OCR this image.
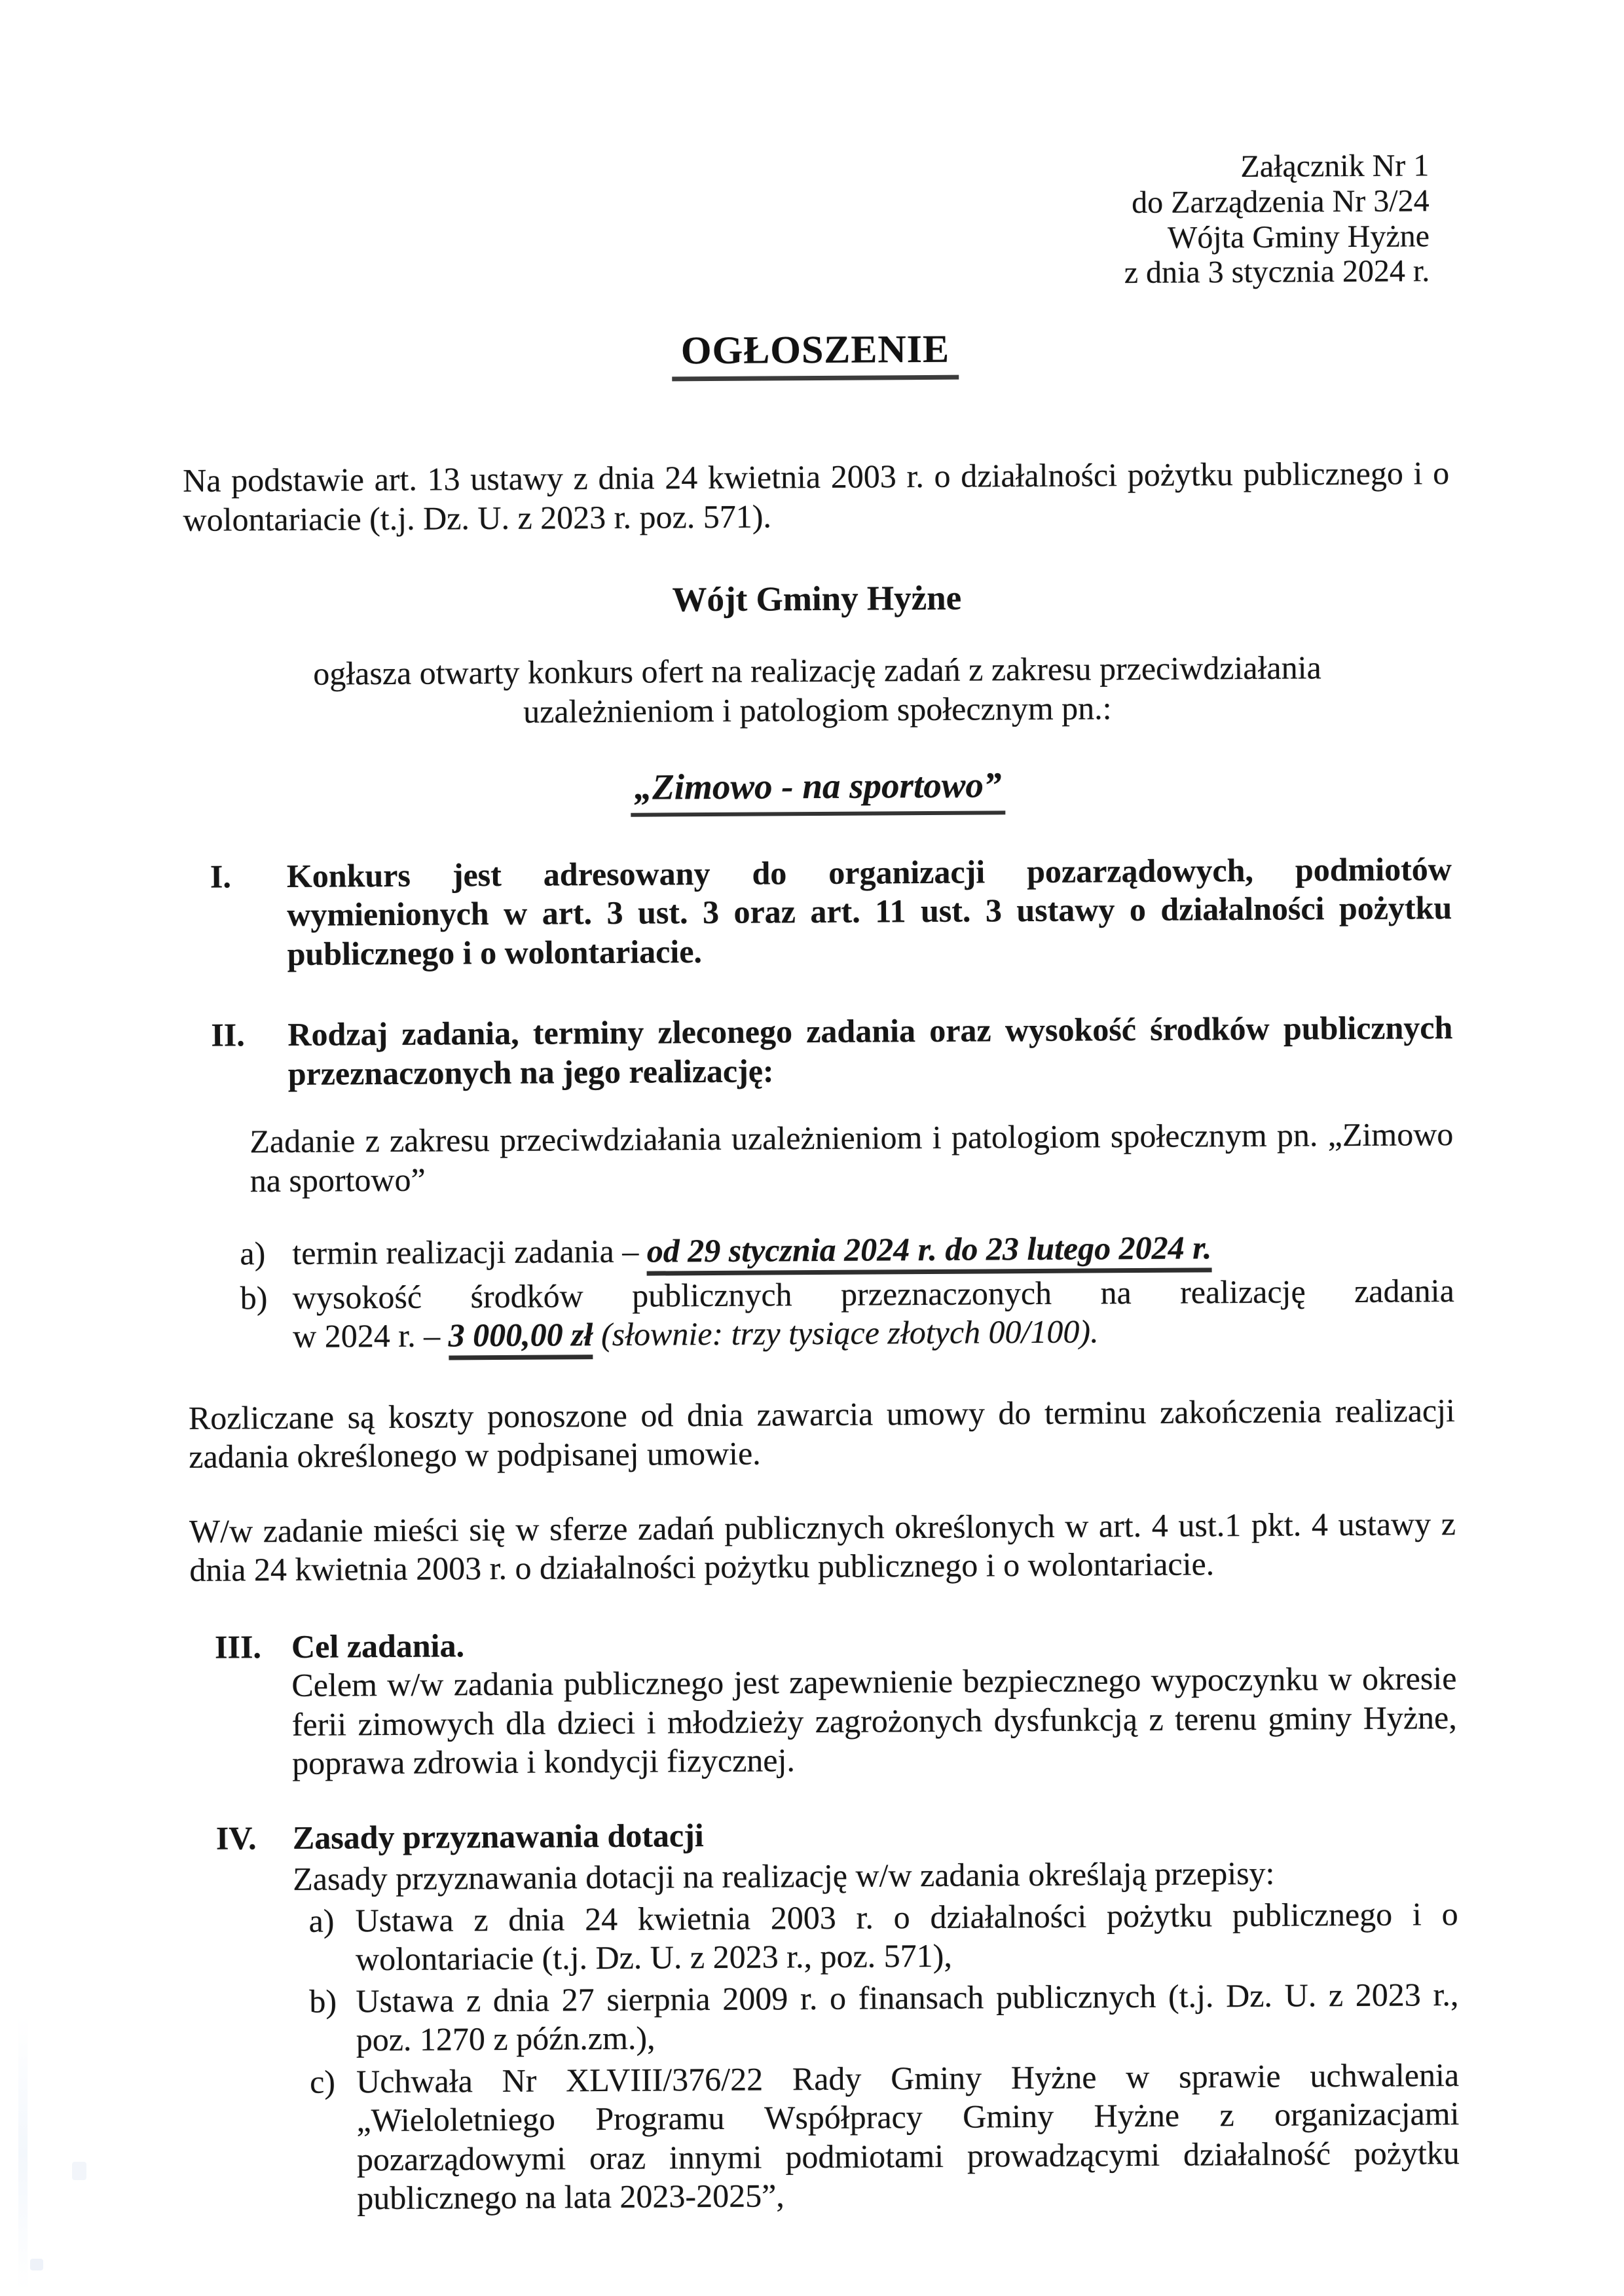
Załącznik Nr 1
do Zarządzenia Nr 3/24
Wójta Gminy Hyżne
z dnia 3 stycznia 2024 r.
OGŁOSZENIE
Na podstawie art. 13 ustawy z dnia 24 kwietnia 2003 r. o działalności pożytku publicznego i o wolontariacie (t.j. Dz. U. z 2023 r. poz. 571).
Wójt Gminy Hyżne
ogłasza otwarty konkurs ofert na realizację zadań z zakresu przeciwdziałania uzależnieniom i patologiom społecznym pn.:
„Zimowo - na sportowo”
I. Konkurs jest adresowany do organizacji pozarządowych, podmiotów wymienionych w art. 3 ust. 3 oraz art. 11 ust. 3 ustawy o działalności pożytku publicznego i o wolontariacie.
II. Rodzaj zadania, terminy zleconego zadania oraz wysokość środków publicznych przeznaczonych na jego realizację:
Zadanie z zakresu przeciwdziałania uzależnieniom i patologiom społecznym pn. „Zimowo na sportowo”
a) termin realizacji zadania – od 29 stycznia 2024 r. do 23 lutego 2024 r.
b) wysokość środków publicznych przeznaczonych na realizację zadania
w 2024 r. – 3 000,00 zł (słownie: trzy tysiące złotych 00/100).
Rozliczane są koszty ponoszone od dnia zawarcia umowy do terminu zakończenia realizacji zadania określonego w podpisanej umowie.
W/w zadanie mieści się w sferze zadań publicznych określonych w art. 4 ust.1 pkt. 4 ustawy z dnia 24 kwietnia 2003 r. o działalności pożytku publicznego i o wolontariacie.
III. Cel zadania.
Celem w/w zadania publicznego jest zapewnienie bezpiecznego wypoczynku w okresie ferii zimowych dla dzieci i młodzieży zagrożonych dysfunkcją z terenu gminy Hyżne, poprawa zdrowia i kondycji fizycznej.
IV. Zasady przyznawania dotacji
Zasady przyznawania dotacji na realizację w/w zadania określają przepisy:
a) Ustawa z dnia 24 kwietnia 2003 r. o działalności pożytku publicznego i o wolontariacie (t.j. Dz. U. z 2023 r., poz. 571),
b) Ustawa z dnia 27 sierpnia 2009 r. o finansach publicznych (t.j. Dz. U. z 2023 r., poz. 1270 z późn.zm.),
c) Uchwała Nr XLVIII/376/22 Rady Gminy Hyżne w sprawie uchwalenia „Wieloletniego Programu Współpracy Gminy Hyżne z organizacjami pozarządowymi oraz innymi podmiotami prowadzącymi działalność pożytku publicznego na lata 2023-2025”,
